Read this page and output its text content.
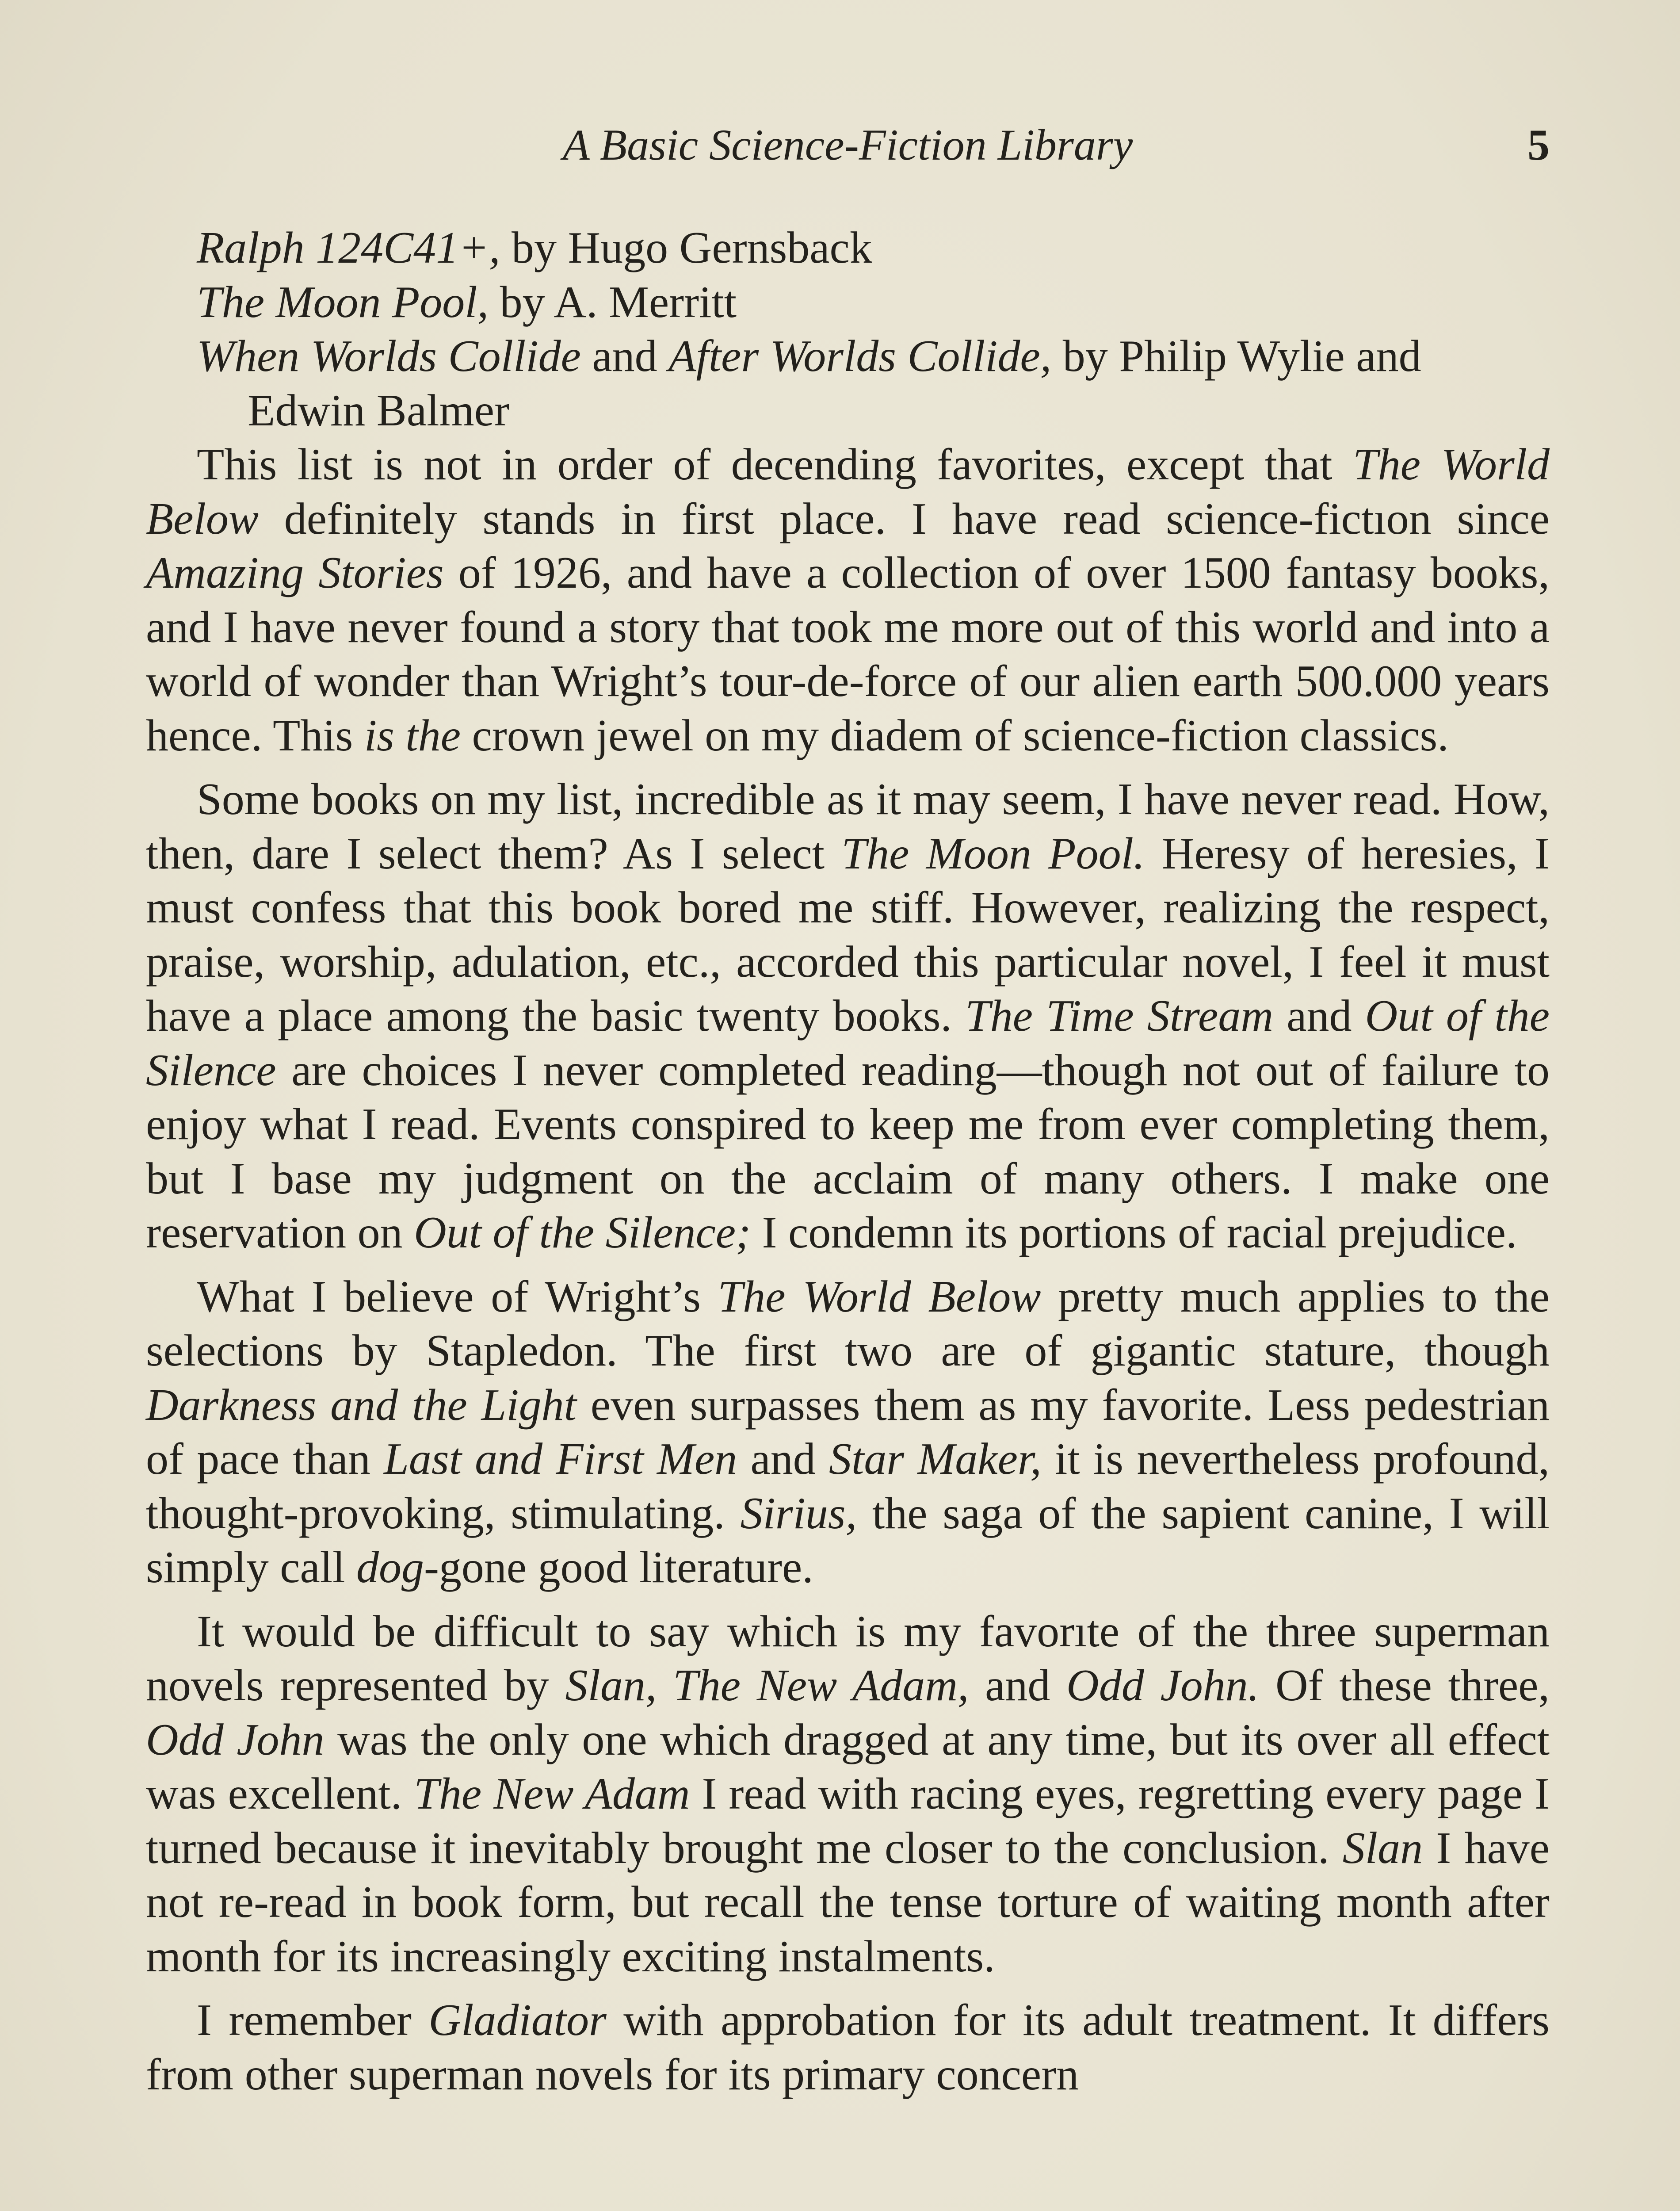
A Basic Science-Fiction Library	5
Ralph 124C41+, by Hugo Gernsback
The Moon Pool, by A. Merritt
When Worlds Collide and After Worlds Collide, by Philip Wylie and Edwin Balmer

This list is not in order of decending favorites, except that The World Below definitely stands in first place. I have read science-fictıon since Amazing Stories of 1926, and have a collection of over 1500 fantasy books, and I have never found a story that took me more out of this world and into a world of wonder than Wright’s tour-de-force of our alien earth 500.000 years hence. This is the crown jewel on my diadem of science-fiction classics.

Some books on my list, incredible as it may seem, I have never read. How, then, dare I select them? As I select The Moon Pool. Heresy of heresies, I must confess that this book bored me stiff. However, realizing the respect, praise, worship, adulation, etc., accorded this particular novel, I feel it must have a place among the basic twenty books. The Time Stream and Out of the Silence are choices I never completed reading—though not out of failure to enjoy what I read. Events conspired to keep me from ever completing them, but I base my judgment on the acclaim of many others. I make one reservation on Out of the Silence; I condemn its portions of racial prejudice.

What I believe of Wright’s The World Below pretty much applies to the selections by Stapledon. The first two are of gigantic stature, though Darkness and the Light even surpasses them as my favorite. Less pedestrian of pace than Last and First Men and Star Maker, it is nevertheless profound, thought-provoking, stimulating. Sirius, the saga of the sapient canine, I will simply call dog-gone good literature.

It would be difficult to say which is my favorıte of the three superman novels represented by Slan, The New Adam, and Odd John. Of these three, Odd John was the only one which dragged at any time, but its over all effect was excellent. The New Adam I read with racing eyes, regretting every page I turned because it inevitably brought me closer to the conclusion. Slan I have not re-read in book form, but recall the tense torture of waiting month after month for its increasingly exciting instalments.

I remember Gladiator with approbation for its adult treatment. It differs from other superman novels for its primary concern
